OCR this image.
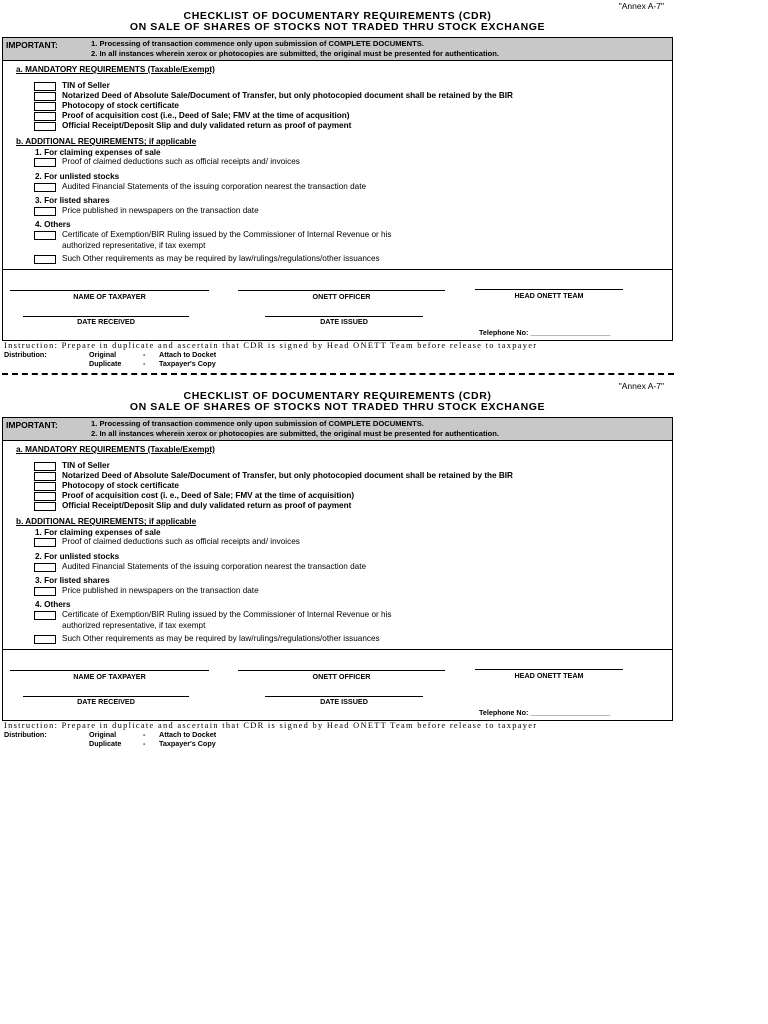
"Annex A-7"
CHECKLIST OF DOCUMENTARY REQUIREMENTS (CDR)
ON SALE OF SHARES OF STOCKS NOT TRADED THRU STOCK EXCHANGE
IMPORTANT:	1. Processing of transaction commence only upon submission of COMPLETE DOCUMENTS.
2. In all instances wherein xerox or photocopies are submitted, the original must be presented for authentication.
a. MANDATORY REQUIREMENTS (Taxable/Exempt)
TIN of Seller
Notarized Deed of Absolute Sale/Document of Transfer, but only photocopied document shall be retained by the BIR
Photocopy of stock certificate
Proof of acquisition cost (i.e., Deed of Sale; FMV at the time of acqusition)
Official Receipt/Deposit Slip and duly validated return as proof of payment
b. ADDITIONAL REQUIREMENTS; if applicable
1. For claiming expenses of sale
Proof of claimed deductions such as official receipts and/ invoices
2. For unlisted stocks
Audited Financial Statements of the issuing corporation nearest the transaction date
3. For listed shares
Price published in newspapers on the transaction date
4. Others
Certificate of Exemption/BIR Ruling issued by the Commissioner of Internal Revenue or his
authorized representative, if tax exempt
Such Other requirements as may be required by law/rulings/regulations/other issuances
NAME OF TAXPAYER	ONETT OFFICER	HEAD ONETT TEAM
DATE RECEIVED	DATE ISSUED
Telephone No: ____________________
Instruction: Prepare in duplicate and ascertain that CDR is signed by Head ONETT Team before release to taxpayer
Distribution:	Original	- Attach to Docket
Duplicate	- Taxpayer's Copy
"Annex A-7"
CHECKLIST OF DOCUMENTARY REQUIREMENTS (CDR)
ON SALE OF SHARES OF STOCKS NOT TRADED THRU STOCK EXCHANGE
IMPORTANT:	1. Processing of transaction commence only upon submission of COMPLETE DOCUMENTS.
2. In all instances wherein xerox or photocopies are submitted, the original must be presented for authentication.
a. MANDATORY REQUIREMENTS (Taxable/Exempt)
TIN of Seller
Notarized Deed of Absolute Sale/Document of Transfer, but only photocopied document shall be retained by the BIR
Photocopy of stock certificate
Proof of acquisition cost (i. e., Deed of Sale; FMV at the time of acquisition)
Official Receipt/Deposit Slip and duly validated return as proof of payment
b. ADDITIONAL REQUIREMENTS; if applicable
1. For claiming expenses of sale
Proof of claimed deductions such as official receipts and/ invoices
2. For unlisted stocks
Audited Financial Statements of the issuing corporation nearest the transaction date
3. For listed shares
Price published in newspapers on the transaction date
4. Others
Certificate of Exemption/BIR Ruling issued by the Commissioner of Internal Revenue or his
authorized representative, if tax exempt
Such Other requirements as may be required by law/rulings/regulations/other issuances
NAME OF TAXPAYER	ONETT OFFICER	HEAD ONETT TEAM
DATE RECEIVED	DATE ISSUED
Telephone No: ____________________
Instruction: Prepare in duplicate and ascertain that CDR is signed by Head ONETT Team before release to taxpayer
Distribution:	Original	- Attach to Docket
Duplicate	- Taxpayer's Copy
